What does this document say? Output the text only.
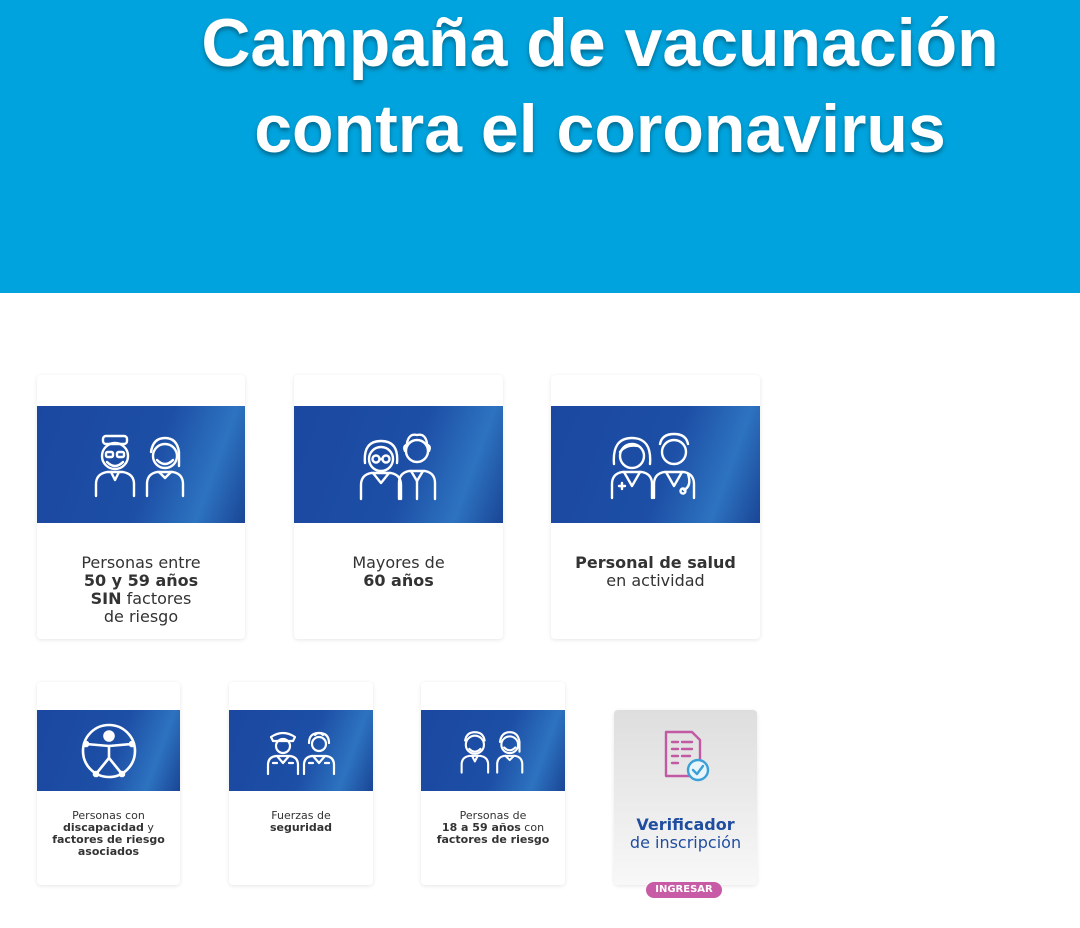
Campaña de vacunación
contra el coronavirus
Personas entre
50 y 59 años
SIN factores
de riesgo
Mayores de
60 años
Personal de salud
en actividad
Personas con
discapacidad y
factores de riesgo
asociados
Fuerzas de
seguridad
Personas de
18 a 59 años con
factores de riesgo
Verificador
de inscripción
INGRESAR
